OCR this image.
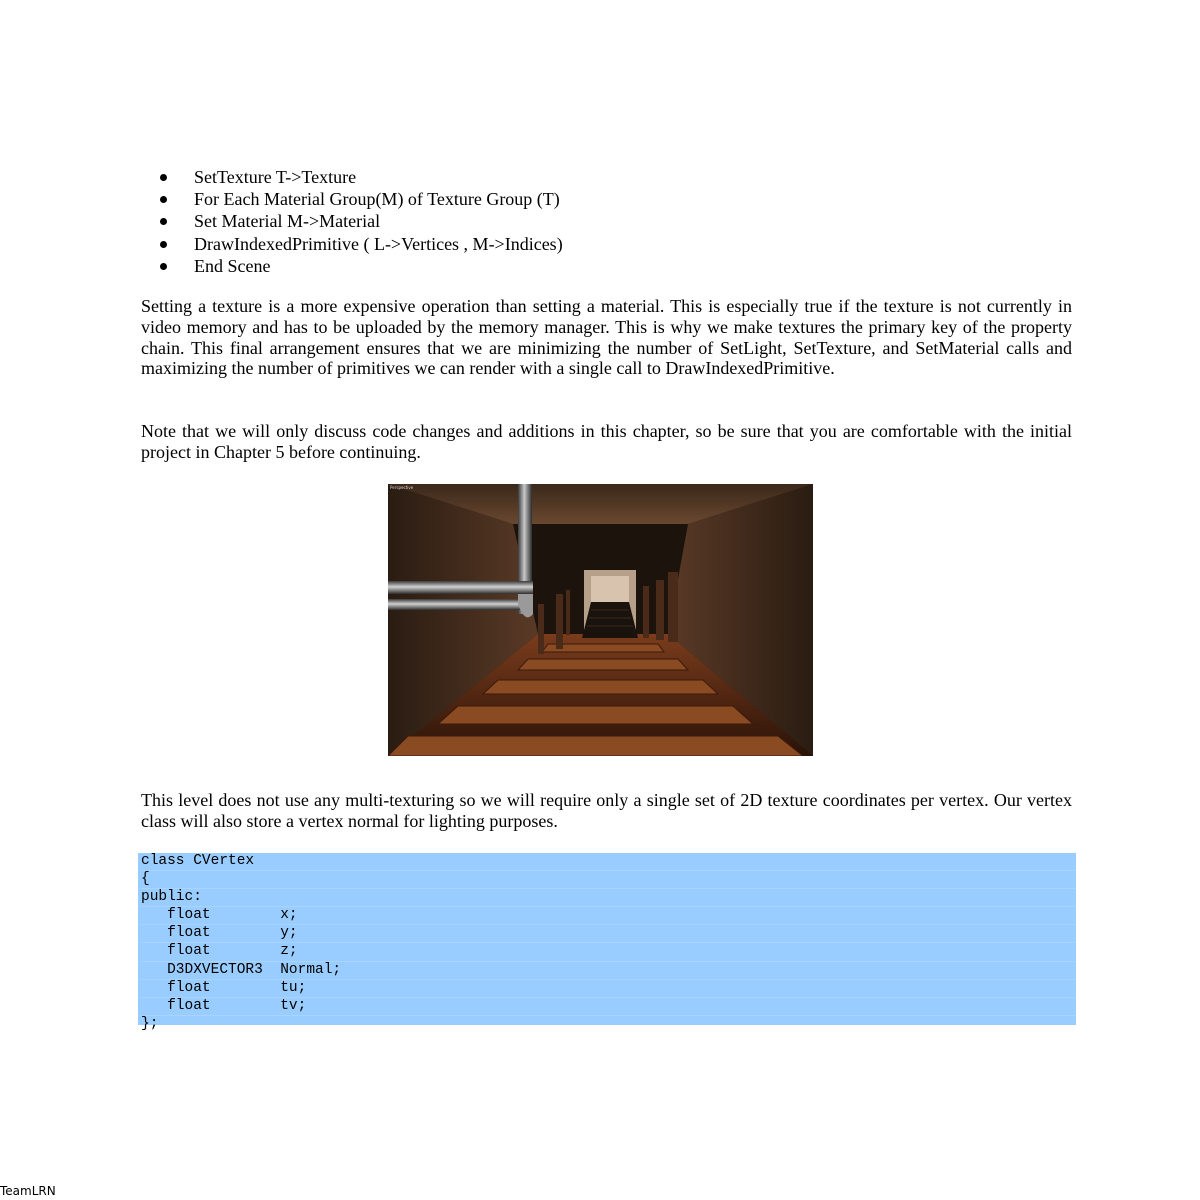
SetTexture T->Texture
For Each Material Group(M) of Texture Group (T)
Set Material M->Material
DrawIndexedPrimitive ( L->Vertices , M->Indices)
End Scene

Setting a texture is a more expensive operation than setting a material. This is especially true if the texture is not currently in video memory and has to be uploaded by the memory manager. This is why we make textures the primary key of the property chain. This final arrangement ensures that we are minimizing the number of SetLight, SetTexture, and SetMaterial calls and maximizing the number of primitives we can render with a single call to DrawIndexedPrimitive.

Note that we will only discuss code changes and additions in this chapter, so be sure that you are comfortable with the initial project in Chapter 5 before continuing.

Perspective

This level does not use any multi-texturing so we will require only a single set of 2D texture coordinates per vertex. Our vertex class will also store a vertex normal for lighting purposes.

class CVertex
{
public:
float        x;
float        y;
float        z;
D3DXVECTOR3  Normal;
float        tu;
float        tv;
};
TeamLRN
